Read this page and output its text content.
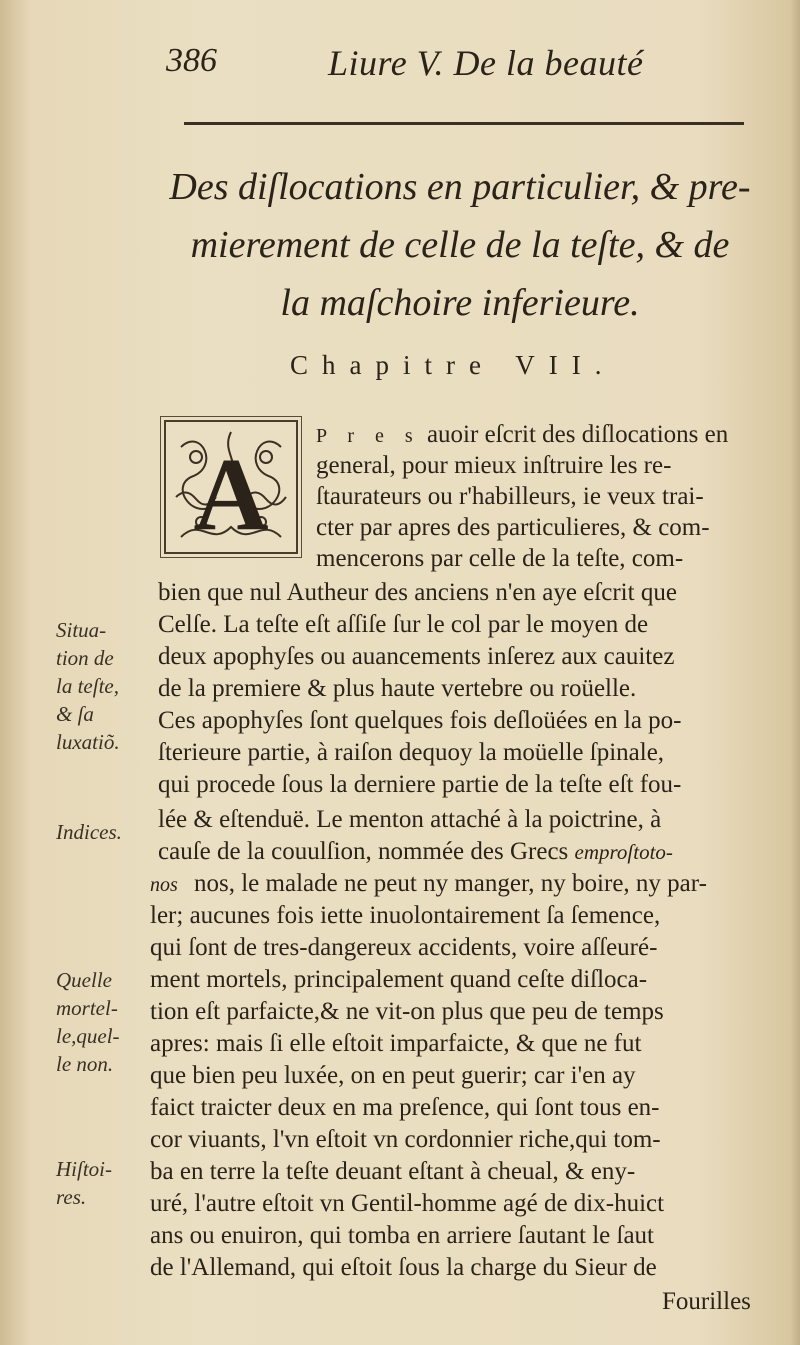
386	Liure V. De la beauté
Des diſlocations en particulier, & pre-
mierement de celle de la teſte, & de
la maſchoire inferieure.
Chapitre VII.
A
P r e s auoir eſcrit des diſlocations en
general, pour mieux inſtruire les re-
ſtaurateurs ou r'habilleurs, ie veux trai-
cter par apres des particulieres, & com-
mencerons par celle de la teſte, com-
bien que nul Autheur des anciens n'en aye eſcrit que
Celſe. La teſte eſt aſſiſe ſur le col par le moyen de
deux apophyſes ou auancements inſerez aux cauitez
de la premiere & plus haute vertebre ou roüelle.
Ces apophyſes ſont quelques fois deſloüées en la po-
ſterieure partie, à raiſon dequoy la moüelle ſpinale,
qui procede ſous la derniere partie de la teſte eſt fou-
lée & eſtenduë. Le menton attaché à la poictrine, à
cauſe de la couulſion, nommée des Grecs emproſtoto-
nos nos, le malade ne peut ny manger, ny boire, ny par-
ler; aucunes fois iette inuolontairement ſa ſemence,
qui ſont de tres-dangereux accidents, voire aſſeuré-
ment mortels, principalement quand ceſte diſloca-
tion eſt parfaicte,& ne vit-on plus que peu de temps
apres: mais ſi elle eſtoit imparfaicte, & que ne fut
que bien peu luxée, on en peut guerir; car i'en ay
faict traicter deux en ma preſence, qui ſont tous en-
cor viuants, l'vn eſtoit vn cordonnier riche,qui tom-
ba en terre la teſte deuant eſtant à cheual, & eny-
uré, l'autre eſtoit vn Gentil-homme agé de dix-huict
ans ou enuiron, qui tomba en arriere ſautant le ſaut
de l'Allemand, qui eſtoit ſous la charge du Sieur de
Fourilles
Situa-
tion de
la teſte,
& ſa
luxatiõ.
Indices.
Quelle
mortel-
le,quel-
le non.
Hiſtoi-
res.
